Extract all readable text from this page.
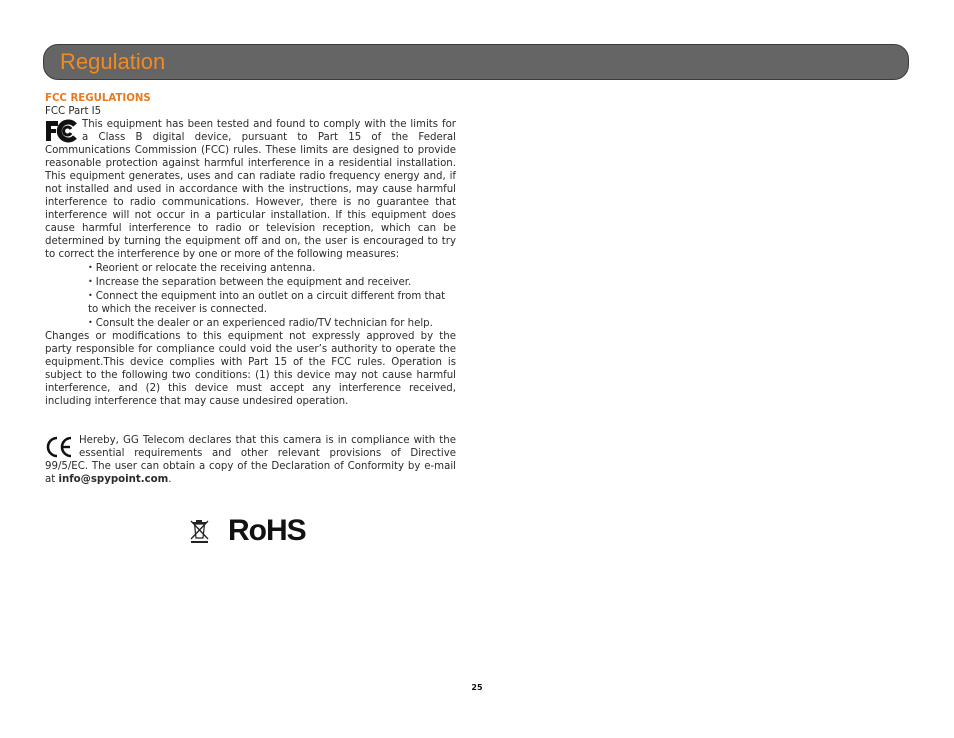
Regulation

FCC REGULATIONS

FCC Part I5

This equipment has been tested and found to comply with the limits for a Class B digital device, pursuant to Part 15 of the Federal Communications Commission (FCC) rules. These limits are designed to provide reasonable protection against harmful interference in a residential installation. This equipment generates, uses and can radiate radio frequency energy and, if not installed and used in accordance with the instructions, may cause harmful interference to radio communications. However, there is no guarantee that interference will not occur in a particular installation. If this equipment does cause harmful interference to radio or television reception, which can be determined by turning the equipment off and on, the user is encouraged to try to correct the interference by one or more of the following measures:

• Reorient or relocate the receiving antenna.
• Increase the separation between the equipment and receiver.
• Connect the equipment into an outlet on a circuit different from that to which the receiver is connected.
• Consult the dealer or an experienced radio/TV technician for help.

Changes or modifications to this equipment not expressly approved by the party responsible for compliance could void the user’s authority to operate the equipment.This device complies with Part 15 of the FCC rules. Operation is subject to the following two conditions: (1) this device may not cause harmful interference, and (2) this device must accept any interference received, including interference that may cause undesired operation.

Hereby, GG Telecom declares that this camera is in compliance with the essential requirements and other relevant provisions of Directive 99/5/EC. The user can obtain a copy of the Declaration of Conformity by e-mail at info@spypoint.com.

RoHS
25
